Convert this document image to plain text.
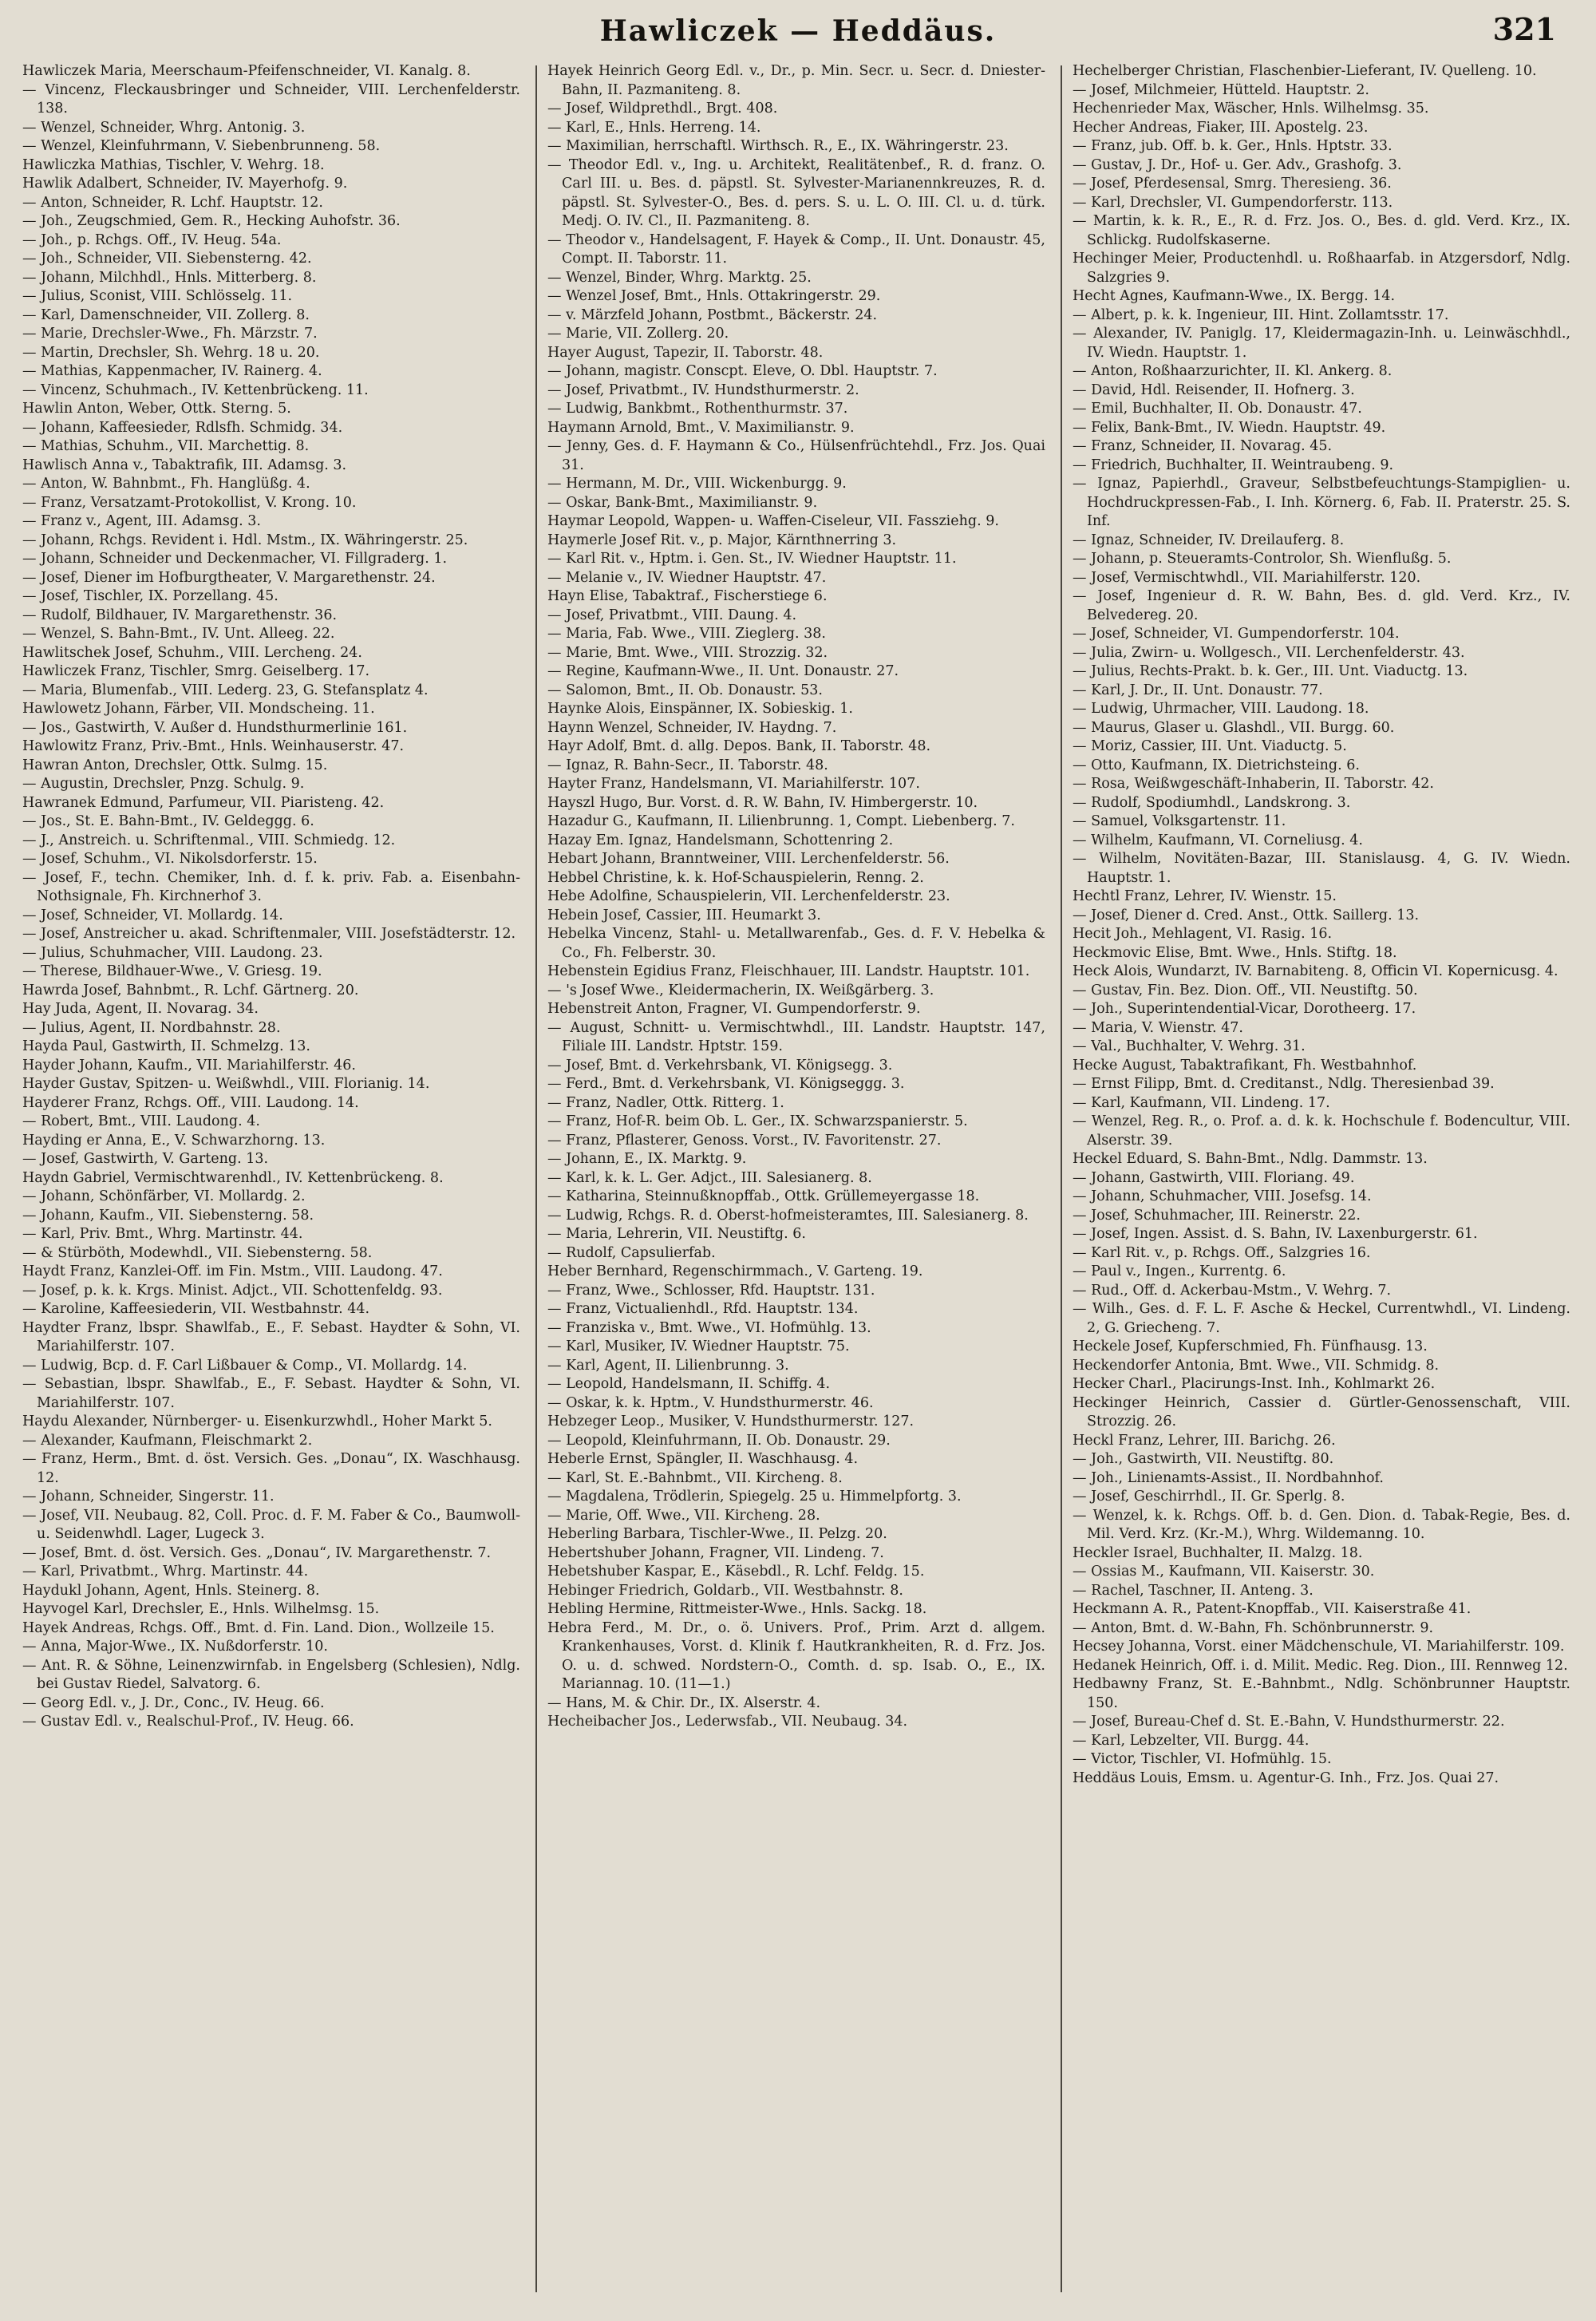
Hawliczek — Heddäus.	321
Hawliczek Maria, Meerschaum-Pfeifenschneider, VI. Kanalg. 8.
— Vincenz, Fleckausbringer und Schneider, VIII. Lerchenfelderstr. 138.
— Wenzel, Schneider, Whrg. Antonig. 3.
— Wenzel, Kleinfuhrmann, V. Siebenbrunneng. 58.
Hawliczka Mathias, Tischler, V. Wehrg. 18.
Hawlik Adalbert, Schneider, IV. Mayerhofg. 9.
— Anton, Schneider, R. Lchf. Hauptstr. 12.
— Joh., Zeugschmied, Gem. R., Hecking Auhofstr. 36.
— Joh., p. Rchgs. Off., IV. Heug. 54a.
— Joh., Schneider, VII. Siebensterng. 42.
— Johann, Milchhdl., Hnls. Mitterberg. 8.
— Julius, Sconist, VIII. Schlösselg. 11.
— Karl, Damenschneider, VII. Zollerg. 8.
— Marie, Drechsler-Wwe., Fh. Märzstr. 7.
— Martin, Drechsler, Sh. Wehrg. 18 u. 20.
— Mathias, Kappenmacher, IV. Rainerg. 4.
— Vincenz, Schuhmach., IV. Kettenbrückeng. 11.
Hawlin Anton, Weber, Ottk. Sterng. 5.
— Johann, Kaffeesieder, Rdlsfh. Schmidg. 34.
— Mathias, Schuhm., VII. Marchettig. 8.
Hawlisch Anna v., Tabaktrafik, III. Adamsg. 3.
— Anton, W. Bahnbmt., Fh. Hanglüßg. 4.
— Franz, Versatzamt-Protokollist, V. Krong. 10.
— Franz v., Agent, III. Adamsg. 3.
— Johann, Rchgs. Revident i. Hdl. Mstm., IX. Währingerstr. 25.
— Johann, Schneider und Deckenmacher, VI. Fillgraderg. 1.
— Josef, Diener im Hofburgtheater, V. Margarethenstr. 24.
— Josef, Tischler, IX. Porzellang. 45.
— Rudolf, Bildhauer, IV. Margarethenstr. 36.
— Wenzel, S. Bahn-Bmt., IV. Unt. Alleeg. 22.
Hawlitschek Josef, Schuhm., VIII. Lercheng. 24.
Hawliczek Franz, Tischler, Smrg. Geiselberg. 17.
— Maria, Blumenfab., VIII. Lederg. 23, G. Stefansplatz 4.
Hawlowetz Johann, Färber, VII. Mondscheing. 11.
— Jos., Gastwirth, V. Außer d. Hundsthurmerlinie 161.
Hawlowitz Franz, Priv.-Bmt., Hnls. Weinhauserstr. 47.
Hawran Anton, Drechsler, Ottk. Sulmg. 15.
— Augustin, Drechsler, Pnzg. Schulg. 9.
Hawranek Edmund, Parfumeur, VII. Piaristeng. 42.
— Jos., St. E. Bahn-Bmt., IV. Geldeggg. 6.
— J., Anstreich. u. Schriftenmal., VIII. Schmiedg. 12.
— Josef, Schuhm., VI. Nikolsdorferstr. 15.
— Josef, F., techn. Chemiker, Inh. d. f. k. priv. Fab. a. Eisenbahn-Nothsignale, Fh. Kirchnerhof 3.
— Josef, Schneider, VI. Mollardg. 14.
— Josef, Anstreicher u. akad. Schriftenmaler, VIII. Josefstädterstr. 12.
— Julius, Schuhmacher, VIII. Laudong. 23.
— Therese, Bildhauer-Wwe., V. Griesg. 19.
Hawrda Josef, Bahnbmt., R. Lchf. Gärtnerg. 20.
Hay Juda, Agent, II. Novarag. 34.
— Julius, Agent, II. Nordbahnstr. 28.
Hayda Paul, Gastwirth, II. Schmelzg. 13.
Hayder Johann, Kaufm., VII. Mariahilferstr. 46.
Hayder Gustav, Spitzen- u. Weißwhdl., VIII. Florianig. 14.
Hayderer Franz, Rchgs. Off., VIII. Laudong. 14.
— Robert, Bmt., VIII. Laudong. 4.
Hayding er Anna, E., V. Schwarzhorng. 13.
— Josef, Gastwirth, V. Garteng. 13.
Haydn Gabriel, Vermischtwarenhdl., IV. Kettenbrückeng. 8.
— Johann, Schönfärber, VI. Mollardg. 2.
— Johann, Kaufm., VII. Siebensterng. 58.
— Karl, Priv. Bmt., Whrg. Martinstr. 44.
— & Stürböth, Modewhdl., VII. Siebensterng. 58.
Haydt Franz, Kanzlei-Off. im Fin. Mstm., VIII. Laudong. 47.
— Josef, p. k. k. Krgs. Minist. Adjct., VII. Schottenfeldg. 93.
— Karoline, Kaffeesiederin, VII. Westbahnstr. 44.
Haydter Franz, lbspr. Shawlfab., E., F. Sebast. Haydter & Sohn, VI. Mariahilferstr. 107.
— Ludwig, Bcp. d. F. Carl Lißbauer & Comp., VI. Mollardg. 14.
— Sebastian, lbspr. Shawlfab., E., F. Sebast. Haydter & Sohn, VI. Mariahilferstr. 107.
Haydu Alexander, Nürnberger- u. Eisenkurzwhdl., Hoher Markt 5.
— Alexander, Kaufmann, Fleischmarkt 2.
— Franz, Herm., Bmt. d. öst. Versich. Ges. „Donau“, IX. Waschhausg. 12.
— Johann, Schneider, Singerstr. 11.
— Josef, VII. Neubaug. 82, Coll. Proc. d. F. M. Faber & Co., Baumwoll- u. Seidenwhdl. Lager, Lugeck 3.
— Josef, Bmt. d. öst. Versich. Ges. „Donau“, IV. Margarethenstr. 7.
— Karl, Privatbmt., Whrg. Martinstr. 44.
Haydukl Johann, Agent, Hnls. Steinerg. 8.
Hayvogel Karl, Drechsler, E., Hnls. Wilhelmsg. 15.
Hayek Andreas, Rchgs. Off., Bmt. d. Fin. Land. Dion., Wollzeile 15.
— Anna, Major-Wwe., IX. Nußdorferstr. 10.
— Ant. R. & Söhne, Leinenzwirnfab. in Engelsberg (Schlesien), Ndlg. bei Gustav Riedel, Salvatorg. 6.
— Georg Edl. v., J. Dr., Conc., IV. Heug. 66.
— Gustav Edl. v., Realschul-Prof., IV. Heug. 66.
Hayek Heinrich Georg Edl. v., Dr., p. Min. Secr. u. Secr. d. Dniester-Bahn, II. Pazmaniteng. 8.
— Josef, Wildprethdl., Brgt. 408.
— Karl, E., Hnls. Herreng. 14.
— Maximilian, herrschaftl. Wirthsch. R., E., IX. Währingerstr. 23.
— Theodor Edl. v., Ing. u. Architekt, Realitätenbef., R. d. franz. O. Carl III. u. Bes. d. päpstl. St. Sylvester-Marianennkreuzes, R. d. päpstl. St. Sylvester-O., Bes. d. pers. S. u. L. O. III. Cl. u. d. türk. Medj. O. IV. Cl., II. Pazmaniteng. 8.
— Theodor v., Handelsagent, F. Hayek & Comp., II. Unt. Donaustr. 45, Compt. II. Taborstr. 11.
— Wenzel, Binder, Whrg. Marktg. 25.
— Wenzel Josef, Bmt., Hnls. Ottakringerstr. 29.
— v. Märzfeld Johann, Postbmt., Bäckerstr. 24.
— Marie, VII. Zollerg. 20.
Hayer August, Tapezir, II. Taborstr. 48.
— Johann, magistr. Conscpt. Eleve, O. Dbl. Hauptstr. 7.
— Josef, Privatbmt., IV. Hundsthurmerstr. 2.
— Ludwig, Bankbmt., Rothenthurmstr. 37.
Haymann Arnold, Bmt., V. Maximilianstr. 9.
— Jenny, Ges. d. F. Haymann & Co., Hülsenfrüchtehdl., Frz. Jos. Quai 31.
— Hermann, M. Dr., VIII. Wickenburgg. 9.
— Oskar, Bank-Bmt., Maximilianstr. 9.
Haymar Leopold, Wappen- u. Waffen-Ciseleur, VII. Fassziehg. 9.
Haymerle Josef Rit. v., p. Major, Kärnthnerring 3.
— Karl Rit. v., Hptm. i. Gen. St., IV. Wiedner Hauptstr. 11.
— Melanie v., IV. Wiedner Hauptstr. 47.
Hayn Elise, Tabaktraf., Fischerstiege 6.
— Josef, Privatbmt., VIII. Daung. 4.
— Maria, Fab. Wwe., VIII. Zieglerg. 38.
— Marie, Bmt. Wwe., VIII. Strozzig. 32.
— Regine, Kaufmann-Wwe., II. Unt. Donaustr. 27.
— Salomon, Bmt., II. Ob. Donaustr. 53.
Haynke Alois, Einspänner, IX. Sobieskig. 1.
Haynn Wenzel, Schneider, IV. Haydng. 7.
Hayr Adolf, Bmt. d. allg. Depos. Bank, II. Taborstr. 48.
— Ignaz, R. Bahn-Secr., II. Taborstr. 48.
Hayter Franz, Handelsmann, VI. Mariahilferstr. 107.
Hayszl Hugo, Bur. Vorst. d. R. W. Bahn, IV. Himbergerstr. 10.
Hazadur G., Kaufmann, II. Lilienbrunng. 1, Compt. Liebenberg. 7.
Hazay Em. Ignaz, Handelsmann, Schottenring 2.
Hebart Johann, Branntweiner, VIII. Lerchenfelderstr. 56.
Hebbel Christine, k. k. Hof-Schauspielerin, Renng. 2.
Hebe Adolfine, Schauspielerin, VII. Lerchenfelderstr. 23.
Hebein Josef, Cassier, III. Heumarkt 3.
Hebelka Vincenz, Stahl- u. Metallwarenfab., Ges. d. F. V. Hebelka & Co., Fh. Felberstr. 30.
Hebenstein Egidius Franz, Fleischhauer, III. Landstr. Hauptstr. 101.
— 's Josef Wwe., Kleidermacherin, IX. Weißgärberg. 3.
Hebenstreit Anton, Fragner, VI. Gumpendorferstr. 9.
— August, Schnitt- u. Vermischtwhdl., III. Landstr. Hauptstr. 147, Filiale III. Landstr. Hptstr. 159.
— Josef, Bmt. d. Verkehrsbank, VI. Königsegg. 3.
— Ferd., Bmt. d. Verkehrsbank, VI. Königseggg. 3.
— Franz, Nadler, Ottk. Ritterg. 1.
— Franz, Hof-R. beim Ob. L. Ger., IX. Schwarzspanierstr. 5.
— Franz, Pflasterer, Genoss. Vorst., IV. Favoritenstr. 27.
— Johann, E., IX. Marktg. 9.
— Karl, k. k. L. Ger. Adjct., III. Salesianerg. 8.
— Katharina, Steinnußknopffab., Ottk. Grüllemeyergasse 18.
— Ludwig, Rchgs. R. d. Oberst-hofmeisteramtes, III. Salesianerg. 8.
— Maria, Lehrerin, VII. Neustiftg. 6.
— Rudolf, Capsulierfab.
Heber Bernhard, Regenschirmmach., V. Garteng. 19.
— Franz, Wwe., Schlosser, Rfd. Hauptstr. 131.
— Franz, Victualienhdl., Rfd. Hauptstr. 134.
— Franziska v., Bmt. Wwe., VI. Hofmühlg. 13.
— Karl, Musiker, IV. Wiedner Hauptstr. 75.
— Karl, Agent, II. Lilienbrunng. 3.
— Leopold, Handelsmann, II. Schiffg. 4.
— Oskar, k. k. Hptm., V. Hundsthurmerstr. 46.
Hebzeger Leop., Musiker, V. Hundsthurmerstr. 127.
— Leopold, Kleinfuhrmann, II. Ob. Donaustr. 29.
Heberle Ernst, Spängler, II. Waschhausg. 4.
— Karl, St. E.-Bahnbmt., VII. Kircheng. 8.
— Magdalena, Trödlerin, Spiegelg. 25 u. Himmelpfortg. 3.
— Marie, Off. Wwe., VII. Kircheng. 28.
Heberling Barbara, Tischler-Wwe., II. Pelzg. 20.
Hebertshuber Johann, Fragner, VII. Lindeng. 7.
Hebetshuber Kaspar, E., Käsebdl., R. Lchf. Feldg. 15.
Hebinger Friedrich, Goldarb., VII. Westbahnstr. 8.
Hebling Hermine, Rittmeister-Wwe., Hnls. Sackg. 18.
Hebra Ferd., M. Dr., o. ö. Univers. Prof., Prim. Arzt d. allgem. Krankenhauses, Vorst. d. Klinik f. Hautkrankheiten, R. d. Frz. Jos. O. u. d. schwed. Nordstern-O., Comth. d. sp. Isab. O., E., IX. Mariannag. 10. (11—1.)
— Hans, M. & Chir. Dr., IX. Alserstr. 4.
Hecheibacher Jos., Lederwsfab., VII. Neubaug. 34.
Hechelberger Christian, Flaschenbier-Lieferant, IV. Quelleng. 10.
— Josef, Milchmeier, Hütteld. Hauptstr. 2.
Hechenrieder Max, Wäscher, Hnls. Wilhelmsg. 35.
Hecher Andreas, Fiaker, III. Apostelg. 23.
— Franz, jub. Off. b. k. Ger., Hnls. Hptstr. 33.
— Gustav, J. Dr., Hof- u. Ger. Adv., Grashofg. 3.
— Josef, Pferdesensal, Smrg. Theresieng. 36.
— Karl, Drechsler, VI. Gumpendorferstr. 113.
— Martin, k. k. R., E., R. d. Frz. Jos. O., Bes. d. gld. Verd. Krz., IX. Schlickg. Rudolfskaserne.
Hechinger Meier, Productenhdl. u. Roßhaarfab. in Atzgersdorf, Ndlg. Salzgries 9.
Hecht Agnes, Kaufmann-Wwe., IX. Bergg. 14.
— Albert, p. k. k. Ingenieur, III. Hint. Zollamtsstr. 17.
— Alexander, IV. Paniglg. 17, Kleidermagazin-Inh. u. Leinwäschhdl., IV. Wiedn. Hauptstr. 1.
— Anton, Roßhaarzurichter, II. Kl. Ankerg. 8.
— David, Hdl. Reisender, II. Hofnerg. 3.
— Emil, Buchhalter, II. Ob. Donaustr. 47.
— Felix, Bank-Bmt., IV. Wiedn. Hauptstr. 49.
— Franz, Schneider, II. Novarag. 45.
— Friedrich, Buchhalter, II. Weintraubeng. 9.
— Ignaz, Papierhdl., Graveur, Selbstbefeuchtungs-Stampiglien- u. Hochdruckpressen-Fab., I. Inh. Körnerg. 6, Fab. II. Praterstr. 25. S. Inf.
— Ignaz, Schneider, IV. Dreilauferg. 8.
— Johann, p. Steueramts-Controlor, Sh. Wienflußg. 5.
— Josef, Vermischtwhdl., VII. Mariahilferstr. 120.
— Josef, Ingenieur d. R. W. Bahn, Bes. d. gld. Verd. Krz., IV. Belvedereg. 20.
— Josef, Schneider, VI. Gumpendorferstr. 104.
— Julia, Zwirn- u. Wollgesch., VII. Lerchenfelderstr. 43.
— Julius, Rechts-Prakt. b. k. Ger., III. Unt. Viaductg. 13.
— Karl, J. Dr., II. Unt. Donaustr. 77.
— Ludwig, Uhrmacher, VIII. Laudong. 18.
— Maurus, Glaser u. Glashdl., VII. Burgg. 60.
— Moriz, Cassier, III. Unt. Viaductg. 5.
— Otto, Kaufmann, IX. Dietrichsteing. 6.
— Rosa, Weißwgeschäft-Inhaberin, II. Taborstr. 42.
— Rudolf, Spodiumhdl., Landskrong. 3.
— Samuel, Volksgartenstr. 11.
— Wilhelm, Kaufmann, VI. Corneliusg. 4.
— Wilhelm, Novitäten-Bazar, III. Stanislausg. 4, G. IV. Wiedn. Hauptstr. 1.
Hechtl Franz, Lehrer, IV. Wienstr. 15.
— Josef, Diener d. Cred. Anst., Ottk. Saillerg. 13.
Hecit Joh., Mehlagent, VI. Rasig. 16.
Heckmovic Elise, Bmt. Wwe., Hnls. Stiftg. 18.
Heck Alois, Wundarzt, IV. Barnabiteng. 8, Officin VI. Kopernicusg. 4.
— Gustav, Fin. Bez. Dion. Off., VII. Neustiftg. 50.
— Joh., Superintendential-Vicar, Dorotheerg. 17.
— Maria, V. Wienstr. 47.
— Val., Buchhalter, V. Wehrg. 31.
Hecke August, Tabaktrafikant, Fh. Westbahnhof.
— Ernst Filipp, Bmt. d. Creditanst., Ndlg. Theresienbad 39.
— Karl, Kaufmann, VII. Lindeng. 17.
— Wenzel, Reg. R., o. Prof. a. d. k. k. Hochschule f. Bodencultur, VIII. Alserstr. 39.
Heckel Eduard, S. Bahn-Bmt., Ndlg. Dammstr. 13.
— Johann, Gastwirth, VIII. Floriang. 49.
— Johann, Schuhmacher, VIII. Josefsg. 14.
— Josef, Schuhmacher, III. Reinerstr. 22.
— Josef, Ingen. Assist. d. S. Bahn, IV. Laxenburgerstr. 61.
— Karl Rit. v., p. Rchgs. Off., Salzgries 16.
— Paul v., Ingen., Kurrentg. 6.
— Rud., Off. d. Ackerbau-Mstm., V. Wehrg. 7.
— Wilh., Ges. d. F. L. F. Asche & Heckel, Currentwhdl., VI. Lindeng. 2, G. Griecheng. 7.
Heckele Josef, Kupferschmied, Fh. Fünfhausg. 13.
Heckendorfer Antonia, Bmt. Wwe., VII. Schmidg. 8.
Hecker Charl., Placirungs-Inst. Inh., Kohlmarkt 26.
Heckinger Heinrich, Cassier d. Gürtler-Genossenschaft, VIII. Strozzig. 26.
Heckl Franz, Lehrer, III. Barichg. 26.
— Joh., Gastwirth, VII. Neustiftg. 80.
— Joh., Linienamts-Assist., II. Nordbahnhof.
— Josef, Geschirrhdl., II. Gr. Sperlg. 8.
— Wenzel, k. k. Rchgs. Off. b. d. Gen. Dion. d. Tabak-Regie, Bes. d. Mil. Verd. Krz. (Kr.-M.), Whrg. Wildemanng. 10.
Heckler Israel, Buchhalter, II. Malzg. 18.
— Ossias M., Kaufmann, VII. Kaiserstr. 30.
— Rachel, Taschner, II. Anteng. 3.
Heckmann A. R., Patent-Knopffab., VII. Kaiserstraße 41.
— Anton, Bmt. d. W.-Bahn, Fh. Schönbrunnerstr. 9.
Hecsey Johanna, Vorst. einer Mädchenschule, VI. Mariahilferstr. 109.
Hedanek Heinrich, Off. i. d. Milit. Medic. Reg. Dion., III. Rennweg 12.
Hedbawny Franz, St. E.-Bahnbmt., Ndlg. Schönbrunner Hauptstr. 150.
— Josef, Bureau-Chef d. St. E.-Bahn, V. Hundsthurmerstr. 22.
— Karl, Lebzelter, VII. Burgg. 44.
— Victor, Tischler, VI. Hofmühlg. 15.
Heddäus Louis, Emsm. u. Agentur-G. Inh., Frz. Jos. Quai 27.
